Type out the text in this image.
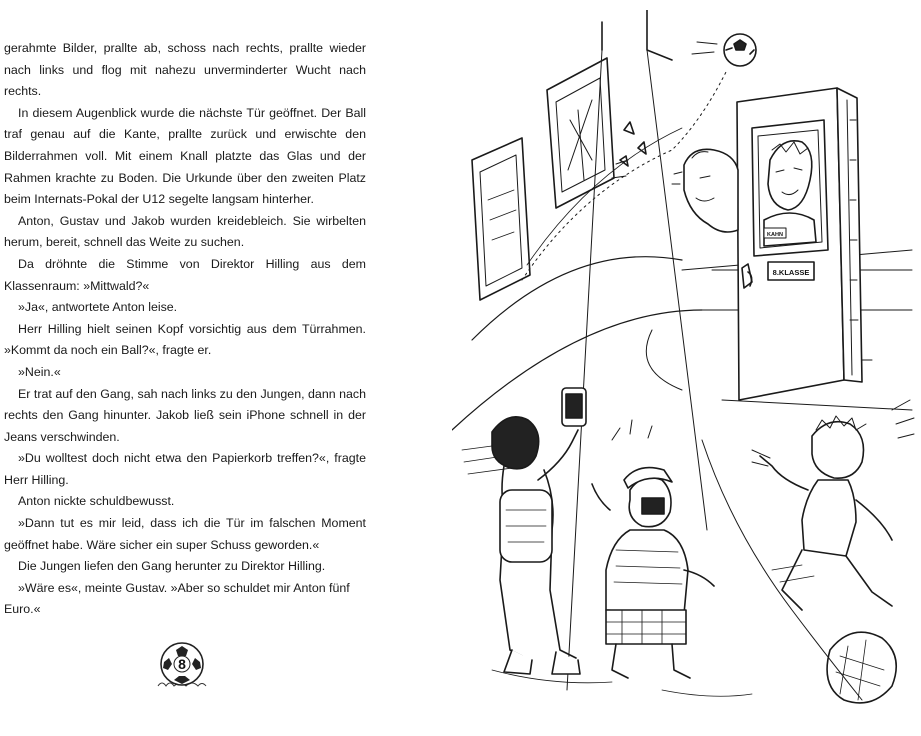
gerahmte Bilder, prallte ab, schoss nach rechts, prallte wieder nach links und flog mit nahezu unverminderter Wucht nach rechts.

In diesem Augenblick wurde die nächste Tür geöffnet. Der Ball traf genau auf die Kante, prallte zurück und erwischte den Bilderrahmen voll. Mit einem Knall platzte das Glas und der Rahmen krachte zu Boden. Die Urkunde über den zweiten Platz beim Internats-Pokal der U12 segelte langsam hinterher.

Anton, Gustav und Jakob wurden kreidebleich. Sie wirbelten herum, bereit, schnell das Weite zu suchen.

Da dröhnte die Stimme von Direktor Hilling aus dem Klassenraum: »Mittwald?«

»Ja«, antwortete Anton leise.

Herr Hilling hielt seinen Kopf vorsichtig aus dem Türrahmen. »Kommt da noch ein Ball?«, fragte er.

»Nein.«

Er trat auf den Gang, sah nach links zu den Jungen, dann nach rechts den Gang hinunter. Jakob ließ sein iPhone schnell in der Jeans verschwinden.

»Du wolltest doch nicht etwa den Papierkorb treffen?«, fragte Herr Hilling.

Anton nickte schuldbewusst.

»Dann tut es mir leid, dass ich die Tür im falschen Moment geöffnet habe. Wäre sicher ein super Schuss geworden.«

Die Jungen liefen den Gang herunter zu Direktor Hilling.

»Wäre es«, meinte Gustav. »Aber so schuldet mir Anton fünf Euro.«

8
8.KLASSE
KAHN
